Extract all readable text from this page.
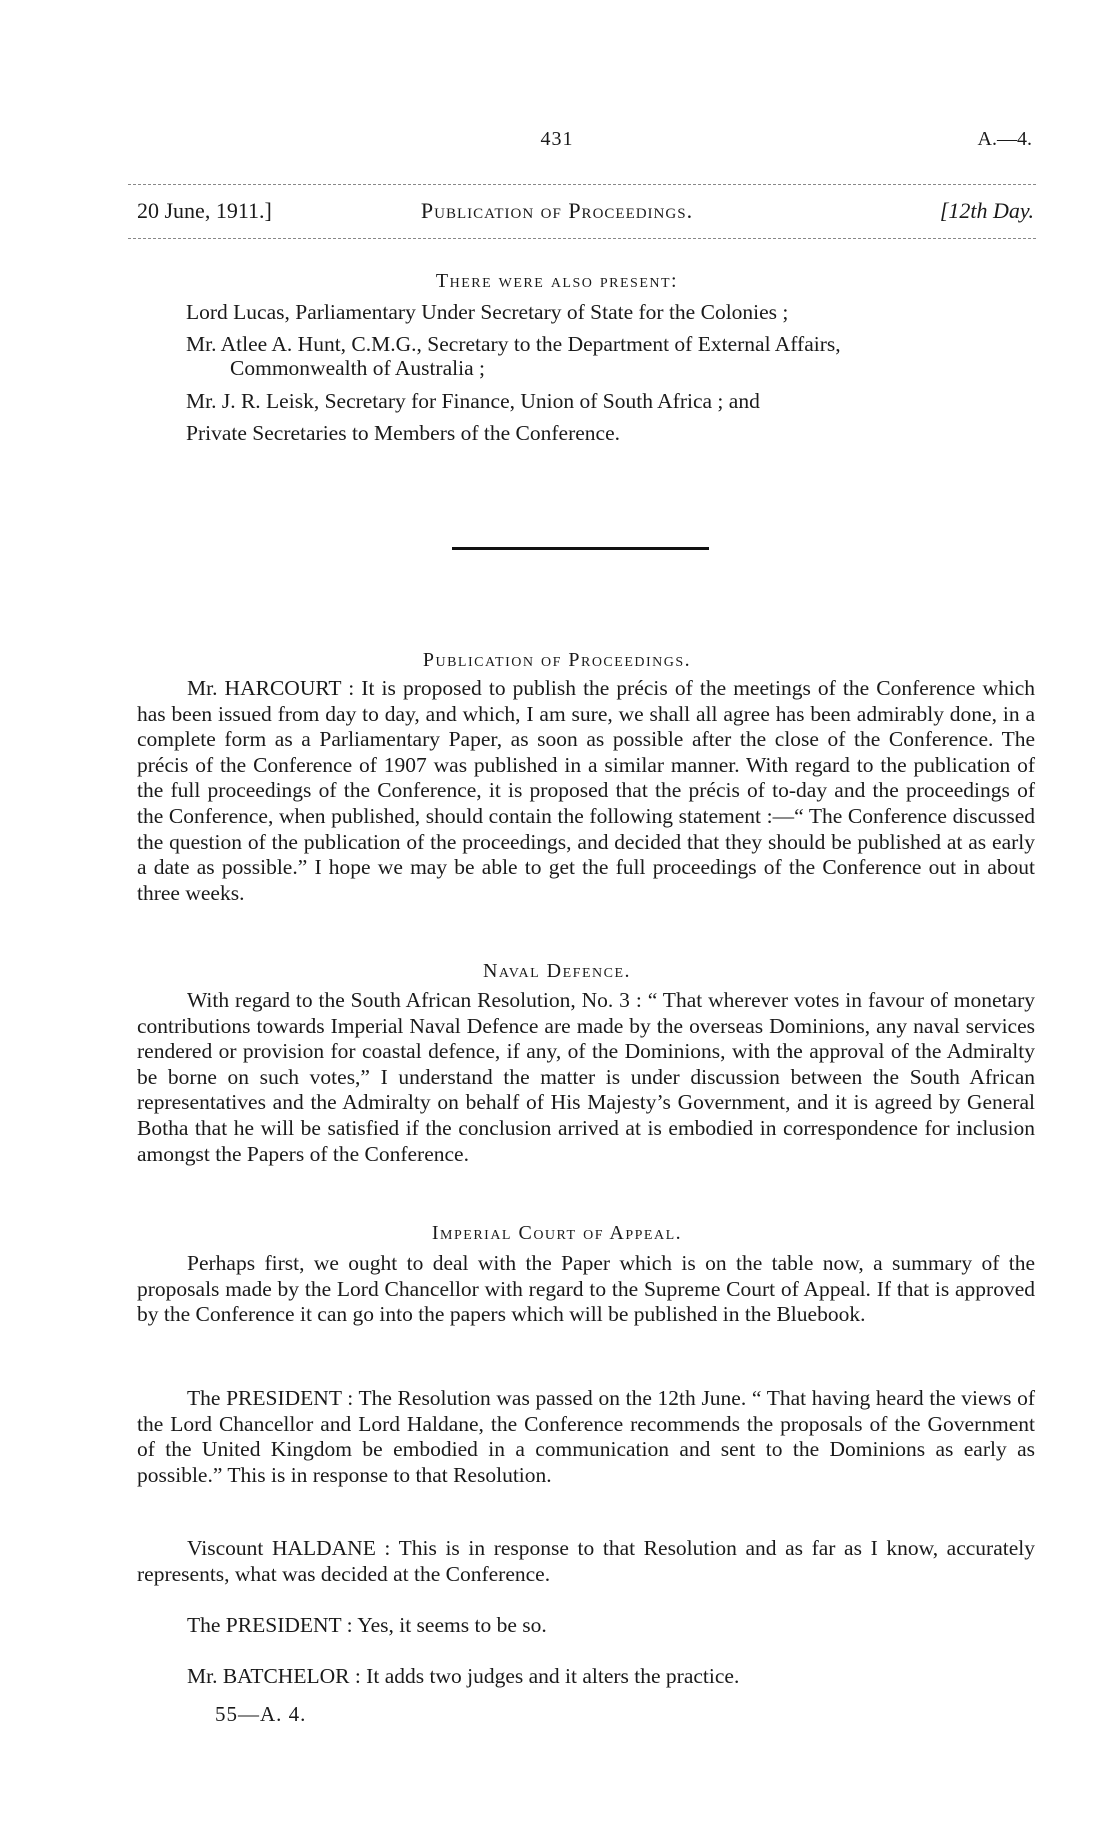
431	A.—4.
20 June, 1911.]	Publication of Proceedings.	[12th Day.
There were also present:
Lord Lucas, Parliamentary Under Secretary of State for the Colonies ;
Mr. Atlee A. Hunt, C.M.G., Secretary to the Department of External Affairs,
Commonwealth of Australia ;
Mr. J. R. Leisk, Secretary for Finance, Union of South Africa ; and
Private Secretaries to Members of the Conference.
Publication of Proceedings.

Mr. HARCOURT : It is proposed to publish the précis of the meetings of the Conference which has been issued from day to day, and which, I am sure, we shall all agree has been admirably done, in a complete form as a Parliamentary Paper, as soon as possible after the close of the Conference. The précis of the Conference of 1907 was published in a similar manner. With regard to the publication of the full proceedings of the Conference, it is proposed that the précis of to-day and the proceedings of the Conference, when published, should contain the following statement :—“ The Conference discussed the question of the publication of the proceedings, and decided that they should be published at as early a date as possible.” I hope we may be able to get the full proceedings of the Conference out in about three weeks.

Naval Defence.

With regard to the South African Resolution, No. 3 : “ That wherever votes in favour of monetary contributions towards Imperial Naval Defence are made by the overseas Dominions, any naval services rendered or provision for coastal defence, if any, of the Dominions, with the approval of the Admiralty be borne on such votes,” I understand the matter is under discussion between the South African representatives and the Admiralty on behalf of His Majesty’s Government, and it is agreed by General Botha that he will be satisfied if the conclusion arrived at is embodied in correspondence for inclusion amongst the Papers of the Conference.

Imperial Court of Appeal.

Perhaps first, we ought to deal with the Paper which is on the table now, a summary of the proposals made by the Lord Chancellor with regard to the Supreme Court of Appeal. If that is approved by the Conference it can go into the papers which will be published in the Bluebook.

The PRESIDENT : The Resolution was passed on the 12th June. “ That having heard the views of the Lord Chancellor and Lord Haldane, the Conference recommends the proposals of the Government of the United Kingdom be embodied in a communication and sent to the Dominions as early as possible.” This is in response to that Resolution.

Viscount HALDANE : This is in response to that Resolution and as far as I know, accurately represents, what was decided at the Conference.

The PRESIDENT : Yes, it seems to be so.

Mr. BATCHELOR : It adds two judges and it alters the practice.

55—A. 4.
